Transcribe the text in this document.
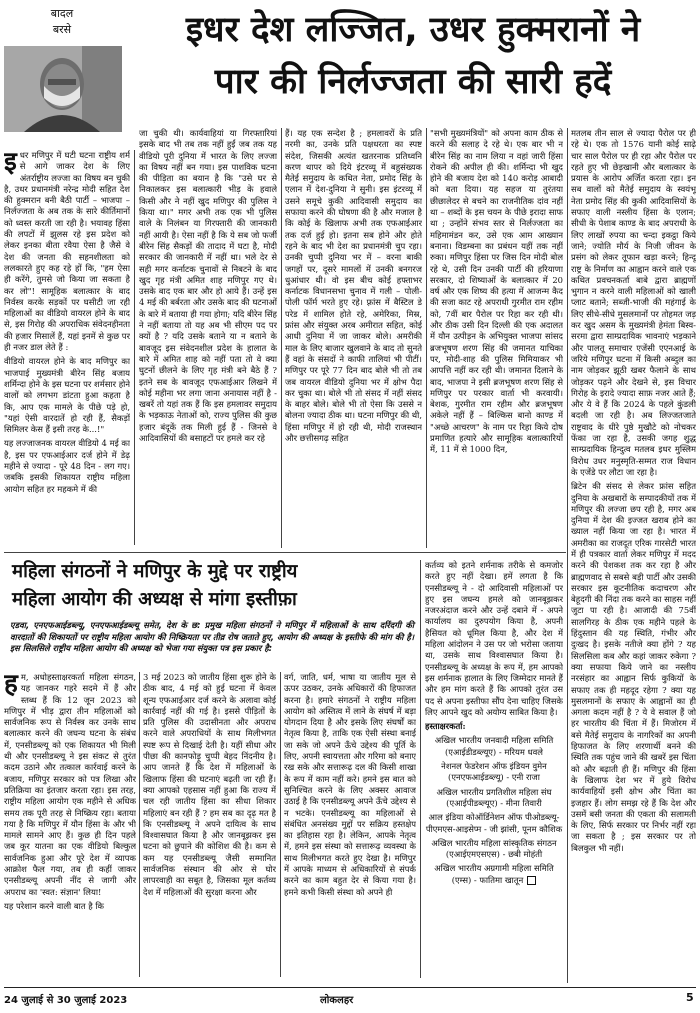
बादल
बरसे	इधर देश लज्जित, उधर हुक्मरानों ने
पार की निर्लज्जता की सारी हदें

इधर मणिपुर में घटी घटना राष्ट्रीय शर्म से आगे जाकर देश के लिए अंतर्राष्ट्रीय लज्जा का विषय बन चुकी है, उधर प्रधानमंत्री नरेन्द्र मोदी सहित देश की हुक्मरान बनी बैठी पार्टी – भाजपा – निर्लज्जता के अब तक के सारे कीर्तिमानों को ध्वस्त करती जा रही है। भयावह हिंसा की लपटों में झुलस रहे इस प्रदेश को लेकर इनका बीता रवैया ऐसा है जैसे वे देश की जनता की सहनशीलता को ललकारते हुए कह रहे हों कि, "हम ऐसा ही करेंगे, तुमसे जो किया जा सकता है कर लो"! सामूहिक बलात्कार के बाद निर्वस्त्र करके सड़कों पर घसीटी जा रही महिलाओं का वीडियो वायरल होने के बाद से, इस गिरोह की अपराधिक संवेदनहीनता की हजार मिसालें हैं, यहां इनमें से कुछ पर ही नजर डाल लेते हैं :

वीडियो वायरल होने के बाद मणिपुर का भाजपाई मुख्यमंत्री बीरेन सिंह बजाय शर्मिन्दा होने के इस घटना पर शर्मसार होने वालों को लगभग डांटता हुआ कहता है कि, आप एक मामले के पीछे पड़े हो, "यहां ऐसी वारदातें हो रही हैं, सैकड़ों सिमिलर केस हैं इसी तरह के...!"

यह लज्जाजनक वायरल वीडियो 4 मई का है, इस पर एफआईआर दर्ज होने में डेढ़ महीने से ज्यादा - पूरे 48 दिन - लग गए। जबकि इसकी शिकायत राष्ट्रीय महिला आयोग सहित हर महकमे में की

जा चुकी थी। कार्यवाहियां या गिरफ्तारियां इसके बाद भी तब तक नहीं हुईं जब तक यह वीडियो पूरी दुनिया में भारत के लिए लज्जा का विषय नहीं बन गया। इस पाशविक घटना की पीड़िता का बयान है कि "उसे घर से निकालकर इस बलात्कारी भीड़ के हवाले किसी और ने नहीं खुद मणिपुर की पुलिस ने किया था।" मगर अभी तक एक भी पुलिस वाले के निलंबन या गिरफ्तारी की जानकारी नहीं आयी है। ऐसा नहीं है कि ये सब जो फर्जी बीरेन सिंह सैकड़ों की तादाद में घटा है, मोदी सरकार की जानकारी में नहीं था। भले देर से सही मगर कर्नाटक चुनावों से निबटने के बाद खुद गृह मंत्री अमित शाह मणिपुर गए थे। उसके बाद एक बार और हो आये हैं। उन्हें इस 4 मई की बर्बरता और उसके बाद की घटनाओं के बारे में बताया ही गया होगा; यदि बीरेन सिंह ने नहीं बताया तो यह अब भी सीएम पद पर क्यों है ? यदि उसके बताने या न बताने के बावजूद इस संवेदनशील प्रदेश के हालात के बारे में अमित शाह को नहीं पता तो वे क्या घुटनों छीलने के लिए गृह मंत्री बने बैठे हैं ? इतने सब के बावजूद एफआईआर लिखने में कोई महीना भर लगा जाना अनायास नहीं है - खबरें तो यहां तक हैं कि इस हमलावर समुदाय के भड़काऊ नेताओं को, राज्य पुलिस की कुछ हजार बंदूकें तक मिली हुई हैं - जिनसे वे आदिवासियों की बसाहटों पर हमले कर रहे

हैं। यह एक सन्देश है ; हमलावरों के प्रति नरमी का, उनके प्रति पक्षधरता का स्पष्ट संदेश, जिसकी अत्यंत खतरनाक प्रतिध्वनि करण थापर को दिये इंटरव्यू में बहुसंख्यक मैतेई समुदाय के कथित नेता, प्रमोद सिंह के एलान में देश-दुनिया ने सुनी। इस इंटरव्यू में उसने समूचे कुकी आदिवासी समुदाय का सफाया करने की घोषणा की है और मजाल है कि कोई के खिलाफ अभी तक एफआईआर तक दर्ज हुई हो। इतना सब होने और होते रहने के बाद भी देश का प्रधानमंत्री चुप रहा। उनकी चुप्पी दुनिया भर में – वरना बाकी जगहों पर, दूसरे मामलों में उनकी बनगरज धुआंधार थी। वो इस बीच कोई हफ्ताभर कर्नाटक विधानसभा चुनाव में गली – पोली-पोली फॉर्म भरते हुए रहे। फ़्रांस में बैस्टिल डे परेड में शामिल होते रहे, अमेरिका, मिस्र, फ्रांस और संयुक्त अरब अमीरात सहित, कोई आधी दुनिया में जा जाकर बोले। अमरीकी माल के लिए बाजार खुलवाने के बाद तो सुनते हैं वहां के संसदों ने काफी तालियां भी पीटीं। मणिपुर पर पूरे 77 दिन बाद बोले भी तो तब जब वायरल वीडियो दुनिया भर में क्षोभ पैदा कर चुका था। बोले भी तो संसद में नहीं संसद के बाहर बोले। बोले भी तो ऐसा कि उससे न बोलना ज्यादा ठीक था। घटना मणिपुर की थी, हिंसा मणिपुर में हो रही थी, मोदी राजस्थान और छत्तीसगढ़ सहित

"सभी मुख्यमंत्रियों" को अपना काम ठीक से करने की सलाह दे रहे थे। एक बार भी न बीरेन सिंह का नाम लिया न वहां जारी हिंसा रोकने की अपील ही की। शर्मिन्दा भी खुद होने की बजाय देश को 140 करोड़ आबादी को बता दिया। यह सहज या तुरंतया छीछालेदर से बचने का राजनीतिक दांव नहीं था – शब्दों के इस चयन के पीछे इरादा साफ था ; उन्होंने संभव स्तर से निर्लज्जता का महिमामंडन कर, उसे एक आम आख्यान बनाना। विडम्बना का प्रबंधन यहीं तक नहीं रुका। मणिपुर हिंसा पर जिस दिन मोदी बोल रहे थे, उसी दिन उनकी पार्टी की हरियाणा सरकार, दो शिष्याओं के बलात्कार में 20 वर्ष और एक शिष्य की हत्या में आजन्म कैद की सजा काट रहे अपराधी गुरमीत राम रहीम को, 7वीं बार पैरोल पर रिहा कर रही थी। और ठीक उसी दिन दिल्ली की एक अदालत में यौन उत्पीड़न के अभियुक्त भाजपा सांसद ब्रजभूषण शरण सिंह की जमानत याचिका पर, मोदी-शाह की पुलिस मिमियाकर भी आपत्ति नहीं कर रही थी। जमानत दिलाने के बाद, भाजपा ने इसी ब्रजभूषण शरण सिंह से मणिपुर पर परकार वार्ता भी करवायी। बेशक, गुरमीत राम रहीम और ब्रजभूषण अकेले नहीं हैं – बिल्किस बानो काण्ड में "अच्छे आचरण" के नाम पर रिहा किये दोष प्रमाणित हत्यारे और सामूहिक बलात्कारियों में, 11 में से 1000 दिन,

मतलब तीन साल से ज्यादा पैरोल पर ही रहे थे। एक तो 1576 यानी कोई साढ़े चार साल पैरोल पर ही रहा और पैरोल पर रहते हुए भी छेड़खानी और बलात्कार के प्रयास के आरोप अर्जित करता रहा। इन सब वालों को मैतेई समुदाय के स्वयंभू नेता प्रमोद सिंह की कुकी आदिवासियों के सफाए वाली नस्लीय हिंसा के एलान; सीधी के पेशाब काण्ड के बाद अपराधी के लिए लाखों रुपया का चन्दा इकट्ठा किये जाने; ज्योति मौर्य के निजी जीवन के प्रसंग को लेकर तूफान खड़ा करने; हिन्दू राष्ट्र के निर्माण का आह्वान करने वाले एक कथित प्रवचनकर्ता बाबे द्वारा ब्राह्मणों भुगान न करने वाली महिलाओं को खाली प्लाट बताने; सब्जी-भाजी की महंगाई के लिए सीधे-सीधे मुसलमानों पर तोहमत जड़ कर खुद असम के मुख्यमंत्री हेमंता बिस्व-सरमा द्वारा साम्प्रदायिक भावनाएं भड़काने और पालतू समाचार एजेंसी एएनआई के जरिये मणिपुर घटना में किसी अब्दुल का नाम जोड़कर झूठी खबर फैलाने के साथ जोड़कर पढ़ने और देखने से, इस विचार गिरोह के इरादे ज्यादा साफ़ नजर आते हैं; और ये वे हैं कि 2024 के पहले कुंडली बदली जा रही है। अब लिज्जतजाते राष्ट्रवाद के धीरे पुष्ठे मुखौटे को नोचकर फेंका जा रहा है, उसकी जगह शुद्ध साम्प्रदायिक हिन्दुत्व मतलब इधर मुस्लिम विरोध उधर मनुस्मृति-सम्मत राज विधान के एजेंडे पर लौटा जा रहा है।

ब्रिटेन की संसद से लेकर फ्रांस सहित दुनिया के अखबारों के सम्पादकीयों तक में मणिपुर की लज्जा छप रही है, मगर अब दुनिया में देश की इज्जत खराब होने का ख्याल नहीं किया जा रहा है। भारत में अमरीका का राजदूत एरिक गारसेटी भारत में ही पत्रकार वार्ता लेकर मणिपुर में मदद करने की पेशकश तक कर रहा है और ब्राह्मणवाद से सबसे बड़ी पार्टी और उसकी सरकार इस कूटनीतिक कदाचरण और बेहूदगी की निंदा तक करने का साहस नहीं जुटा पा रही है। आजादी की 75वीं सालगिरह के ठीक एक महीने पहले के हिंदुस्तान की यह स्थिति, गंभीर और दुःखद है। इसके नतीजे क्या होंगे ? यह सिलसिला कब और कहां जाकर रुकेगा ? क्या सफाया किये जाने का नस्लीय नरसंहार का आह्वान सिर्फ कुकियों के सफाए तक ही महदूद रहेगा ? क्या यह मुसलमानों के सफाए के आह्वानों का ही अगला कदम नहीं है ? ये वे सवाल हैं जो हर भारतीय की चिंता में हैं। मिजोरम में बसे मैतेई समुदाय के नागरिकों का अपनी हिफाजत के लिए शरणार्थी बनने की स्थिति तक पहुंच जाने की खबरें इस चिंता को और बढ़ाती ही हैं। मणिपुर की हिंसा के खिलाफ देश भर में हुये विरोध कार्यवाहियों इसी क्षोभ और चिंता का इजहार हैं। लोग समझ रहे हैं कि देश और उसमें बसी जनता की एकता की सलामती के लिए, सिर्फ सरकार पर निर्भर नहीं रहा जा सकता है ; इस सरकार पर तो बिलकुल भी नहीं।

महिला संगठनों ने मणिपुर के मुद्दे पर राष्ट्रीय
महिला आयोग की अध्यक्ष से मांगा इस्तीफ़ा
एडवा, एनएफआईडब्ल्यू, एनएफआईडब्ल्यू समेत, देश के छ: प्रमुख महिला संगठनों ने मणिपुर में महिलाओं के साथ दरिंदगी की वारदातों की शिकायतों पर राष्ट्रीय महिला आयोग की निष्क्रियता पर तीव्र रोष जताते हुए, आयोग की अध्यक्ष के इस्तीफे की मांग की है। इस सिलसिले राष्ट्रीय महिला आयोग की अध्यक्ष को भेजा गया संयुक्त पत्र इस प्रकार है:

हम, अधोहस्ताक्षरकर्ता महिला संगठन, यह जानकर गहरे सदमे में हैं और स्तब्ध हैं कि 12 जून 2023 को मणिपुर में भीड़ द्वारा तीन महिलाओं को सार्वजनिक रूप से निर्वस्त्र कर उनके साथ बलात्कार करने की जघन्य घटना के संबंध में, एनसीडब्ल्यू को एक शिकायत भी मिली थी और एनसीडब्ल्यू ने इस संकट से तुरंत कदम उठाने और तत्काल कार्रवाई करने के बजाय, मणिपुर सरकार को पत्र लिखा और प्रतिक्रिया का इंतजार करता रहा। इस तरह, राष्ट्रीय महिला आयोग एक महीने से अधिक समय तक पूरी तरह से निष्क्रिय रहा। बताया गया है कि मणिपुर में यौन हिंसा के और भी मामले सामने आए हैं। कुछ ही दिन पहले जब कूर यातना का एक वीडियो बिल्कुल सार्वजनिक हुआ और पूरे देश में व्यापक आक्रोश फैल गया, तब ही कहीं जाकर एनसीडब्ल्यू अपनी नींद से जागी और अपराध का 'स्वत: संज्ञान' लिया!

यह परेशान करने वाली बात है कि

3 मई 2023 को जातीय हिंसा शुरू होने के ठीक बाद, 4 मई को हुई घटना में केवल शून्य एफआईआर दर्ज करने के अलावा कोई कार्रवाई नहीं की गई है। इससे पीड़ितों के प्रति पुलिस की उदासीनता और अपराध करने वाले अपराधियों के साथ मिलीभगत स्पष्ट रूप से दिखाई देती है। यहीं सीधा और पीछा की कानफोड़ू चुप्पी बेहद निंदनीय है। आप जानते हैं कि देश में महिलाओं के खिलाफ हिंसा की घटनाएं बढ़ती जा रही हैं। क्या आपको एहसास नहीं हुआ कि राज्य में चल रही जातीय हिंसा का सीधा शिकार महिलाएं बन रही हैं ? हम सब का दृढ़ मत है कि एनसीडब्ल्यू ने अपने दायित्व के साथ विश्वासघात किया है और जानबूझकर इस घटना को छुपाने की कोशिश की है। कम से कम यह एनसीडब्ल्यू जैसी सम्मानित सार्वजनिक संस्थान की ओर से घोर लापरवाही का सबूत है, जिसका मूल कर्तव्य देश में महिलाओं की सुरक्षा करना और

वर्ग, जाति, धर्म, भाषा या जातीय मूल से ऊपर उठकर, उनके अधिकारों की हिफाजत करना है। हमारे संगठनों ने राष्ट्रीय महिला आयोग को अस्तित्व में लाने के संघर्ष में बड़ा योगदान दिया है और इसके लिए संघर्षों का नेतृत्व किया है, ताकि एक ऐसी संस्था बनाई जा सके जो अपने ऊँचे उद्देश्य की पूर्ति के लिए, अपनी स्वायत्तता और गरिमा को बनाए रख सके और सत्तारूढ़ दल की किसी शाखा के रूप में काम नहीं करे। हमने इस बात को सुनिश्चित करने के लिए अक्सर आवाज उठाई है कि एनसीडब्ल्यू अपने ऊँचे उद्देश्य से न भटके। एनसीडब्ल्यू का महिलाओं से संबंधित अनसंख्य मुद्दों पर सक्रिय हस्तक्षेप का इतिहास रहा है। लेकिन, आपके नेतृत्व में, हमने इस संस्था को सत्तारूढ़ व्यवस्था के साथ मिलीभगत करते हुए देखा है। मणिपुर में आपके माध्यम से अधिकारियों से संपर्क करने का काम बहुत देर से किया गया है। हमने कभी किसी संस्था को अपने ही

कर्तव्य को इतने शर्मनाक तरीके से कमजोर करते हुए नहीं देखा। हमें लगता है कि एनसीडब्ल्यू ने - दो आदिवासी महिलाओं पर हुए इस जघन्य हमले को जानबूझकर नजरअंदाज करने और उन्हें दबाने में - अपने कार्यालय का दुरुपयोग किया है, अपनी हैसियत को धूमिल किया है, और देश में महिला आंदोलन ने उस पर जो भरोसा जताया था, उसके साथ विश्वासघात किया है। एनसीडब्ल्यू के अध्यक्ष के रूप में, हम आपको इस शर्मनाक हालात के लिए जिम्मेदार मानते हैं और हम मांग करते हैं कि आपको तुरंत उस पद से अपना इस्तीफा सौंप देना चाहिए जिसके लिए आपने खुद को अयोग्य साबित किया है।

हस्ताक्षरकर्ता:

अखिल भारतीय जनवादी महिला समिति (एआईडीडब्ल्यूए) - मरियम धवले

नेशनल फेडरेशन ऑफ इंडियन वुमेन (एनएफआईडब्ल्यू) - एनी राजा

अखिल भारतीय प्रगतिशील महिला संघ (एआईपीडब्ल्यूए) - मीना तिवारी

आल इंडिया कोऑर्डिनेशन ऑफ पीओडब्ल्यू-पीएमएस-आइसेप्म - जी झांसी, पूनम कौशिक

अखिल भारतीय महिला सांस्कृतिक संगठन (एआईएमएसएस) - छबी मोहंती

अखिल भारतीय अग्रगामी महिला समिति (एम्स) - फातिमा खातून

24 जुलाई से 30 जुलाई 2023	लोकलहर	5
